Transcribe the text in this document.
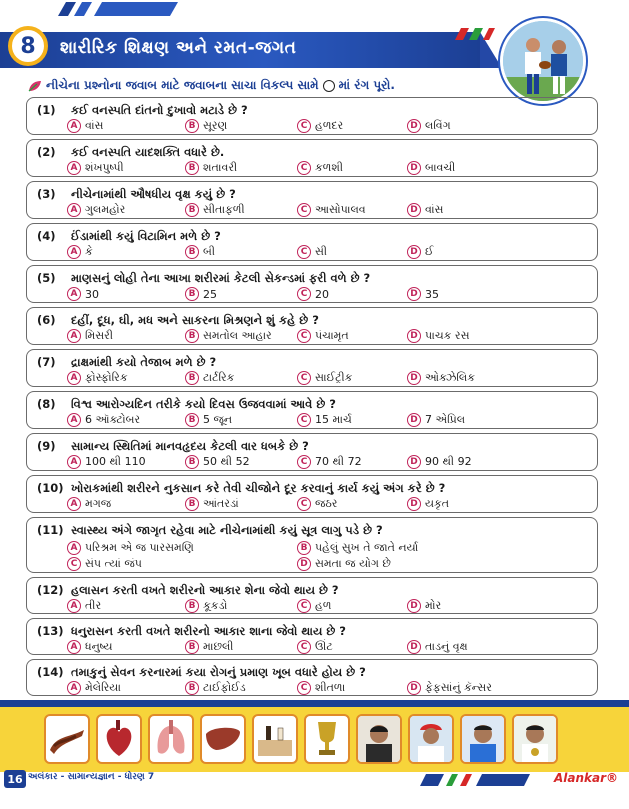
8	શારીરિક શિક્ષણ અને રમત-જગત
નીચેના પ્રશ્નોના જવાબ માટે જવાબના સાચા વિકલ્પ સામે માં રંગ પૂરો.
(1) કઈ વનસ્પતિ દાંતનો દુખાવો મટાડે છે ?
A વાંસ	B સૂરણ	C હળદર	D લવિંગ
(2) કઈ વનસ્પતિ યાદશક્તિ વધારે છે.
A શંખપુષ્પી	B શતાવરી	C કળશી	D બાવચી
(3) નીચેનામાંથી ઔષધીય વૃક્ષ કયું છે ?
A ગુલમહોર	B સીતાફળી	C આસોપાલવ	D વાંસ
(4) ઈંડામાંથી કયું વિટામિન મળે છે ?
A કે	B બી	C સી	D ઈ
(5) માણસનું લોહી તેના આખા શરીરમાં કેટલી સેકન્ડમાં ફરી વળે છે ?
A 30	B 25	C 20	D 35
(6) દહીં, દૂધ, ઘી, મધ અને સાકરના મિશ્રણને શું કહે છે ?
A મિસરી	B સમતોલ આહાર	C પંચામૃત	D પાચક રસ
(7) દ્રાક્ષમાંથી કયો તેજાબ મળે છે ?
A ફોસ્ફોરિક	B ટાર્ટરિક	C સાઈટ્રીક	D ઓક્ઝેલિક
(8) વિશ્વ આરોગ્યદિન તરીકે કયો દિવસ ઉજવવામાં આવે છે ?
A 6 ઑક્ટોબર	B 5 જૂન	C 15 માર્ચ	D 7 એપ્રિલ
(9) સામાન્ય સ્થિતિમાં માનવહૃદય કેટલી વાર ધબકે છે ?
A 100 થી 110	B 50 થી 52	C 70 થી 72	D 90 થી 92
(10) ખોરાકમાંથી શરીરને નુકસાન કરે તેવી ચીજોને દૂર કરવાનું કાર્ય કયું અંગ કરે છે ?
A મગજ	B આંતરડાં	C જઠર	D યકૃત
(11) સ્વાસ્થ્ય અંગે જાગૃત રહેવા માટે નીચેનામાંથી કયું સૂત્ર લાગુ પડે છે ?
A પરિશ્રમ એ જ પારસમણિ	B પહેલું સુખ તે જાતે નર્યા
C સંપ ત્યાં જંપ	D સમતા જ યોગ છે
(12) હલાસન કરતી વખતે શરીરનો આકાર શેના જેવો થાય છે ?
A તીર	B કૂકડો	C હળ	D મોર
(13) ધનુરાસન કરતી વખતે શરીરનો આકાર શાના જેવો થાય છે ?
A ધનુષ્ય	B માછલી	C ઊંટ	D તાડનું વૃક્ષ
(14) તમાકુનું સેવન કરનારમાં કયા રોગનું પ્રમાણ ખૂબ વધારે હોય છે ?
A મેલેરિયા	B ટાઈફોઈડ	C શીતળા	D ફેફસાંનું કૅન્સર
16 અલંકાર - સામાન્યજ્ઞાન - ધોરણ 7	Alankar®
